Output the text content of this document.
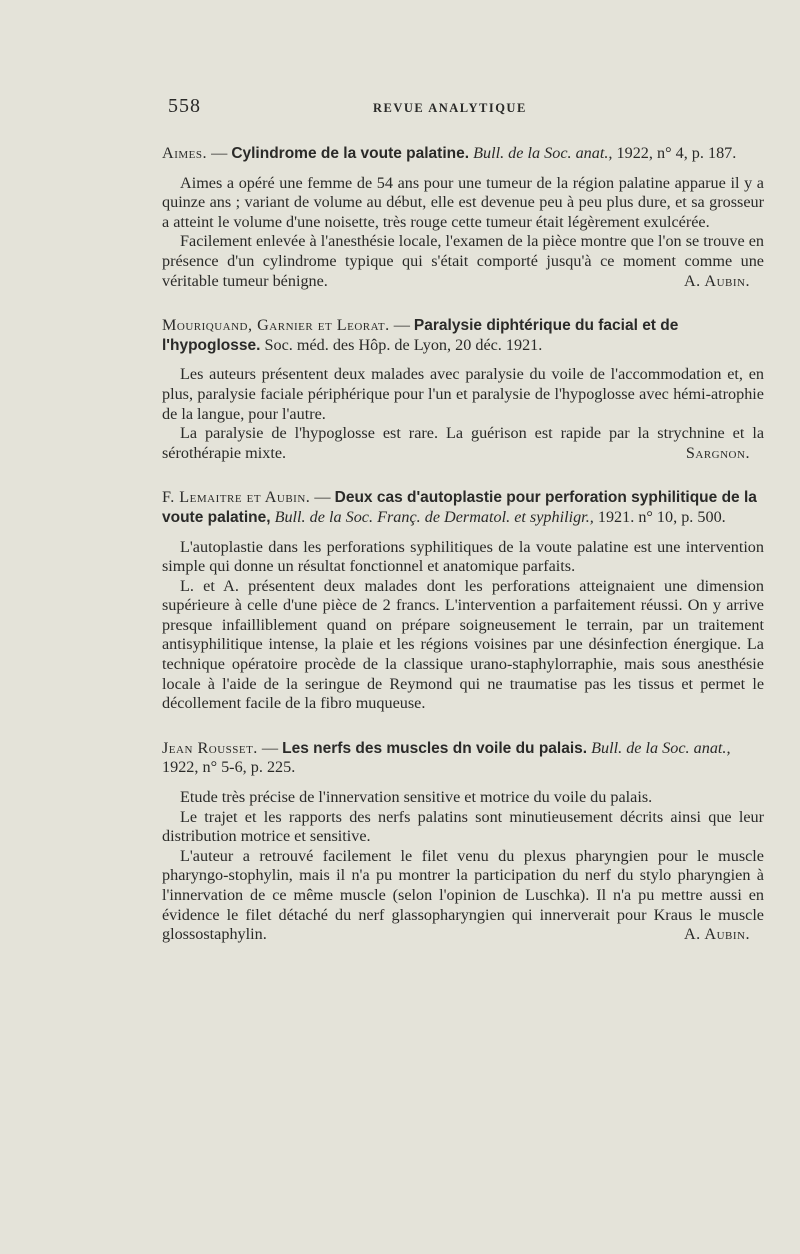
558	REVUE ANALYTIQUE
Aimes. — Cylindrome de la voute palatine. Bull. de la Soc. anat., 1922, n° 4, p. 187.

Aimes a opéré une femme de 54 ans pour une tumeur de la région palatine apparue il y a quinze ans ; variant de volume au début, elle est devenue peu à peu plus dure, et sa grosseur a atteint le volume d'une noisette, très rouge cette tumeur était légèrement exulcérée.

Facilement enlevée à l'anesthésie locale, l'examen de la pièce montre que l'on se trouve en présence d'un cylindrome typique qui s'était comporté jusqu'à ce moment comme une véritable tumeur bénigne.	A. Aubin.

Mouriquand, Garnier et Leorat. — Paralysie diphtérique du facial et de l'hypoglosse. Soc. méd. des Hôp. de Lyon, 20 déc. 1921.

Les auteurs présentent deux malades avec paralysie du voile de l'accommodation et, en plus, paralysie faciale périphérique pour l'un et paralysie de l'hypoglosse avec hémi-atrophie de la langue, pour l'autre.

La paralysie de l'hypoglosse est rare. La guérison est rapide par la strychnine et la sérothérapie mixte.	Sargnon.

F. Lemaitre et Aubin. — Deux cas d'autoplastie pour perforation syphilitique de la voute palatine, Bull. de la Soc. Franç. de Dermatol. et syphiligr., 1921. n° 10, p. 500.

L'autoplastie dans les perforations syphilitiques de la voute palatine est une intervention simple qui donne un résultat fonctionnel et anatomique parfaits.

L. et A. présentent deux malades dont les perforations atteignaient une dimension supérieure à celle d'une pièce de 2 francs. L'intervention a parfaitement réussi. On y arrive presque infailliblement quand on prépare soigneusement le terrain, par un traitement antisyphilitique intense, la plaie et les régions voisines par une désinfection énergique. La technique opératoire procède de la classique urano-staphylorraphie, mais sous anesthésie locale à l'aide de la seringue de Reymond qui ne traumatise pas les tissus et permet le décollement facile de la fibro muqueuse.

Jean Rousset. — Les nerfs des muscles dn voile du palais. Bull. de la Soc. anat., 1922, n° 5-6, p. 225.

Etude très précise de l'innervation sensitive et motrice du voile du palais.

Le trajet et les rapports des nerfs palatins sont minutieusement décrits ainsi que leur distribution motrice et sensitive.

L'auteur a retrouvé facilement le filet venu du plexus pharyngien pour le muscle pharyngo-stophylin, mais il n'a pu montrer la participation du nerf du stylo pharyngien à l'innervation de ce même muscle (selon l'opinion de Luschka). Il n'a pu mettre aussi en évidence le filet détaché du nerf glassopharyngien qui innerverait pour Kraus le muscle glossostaphylin.	A. Aubin.
